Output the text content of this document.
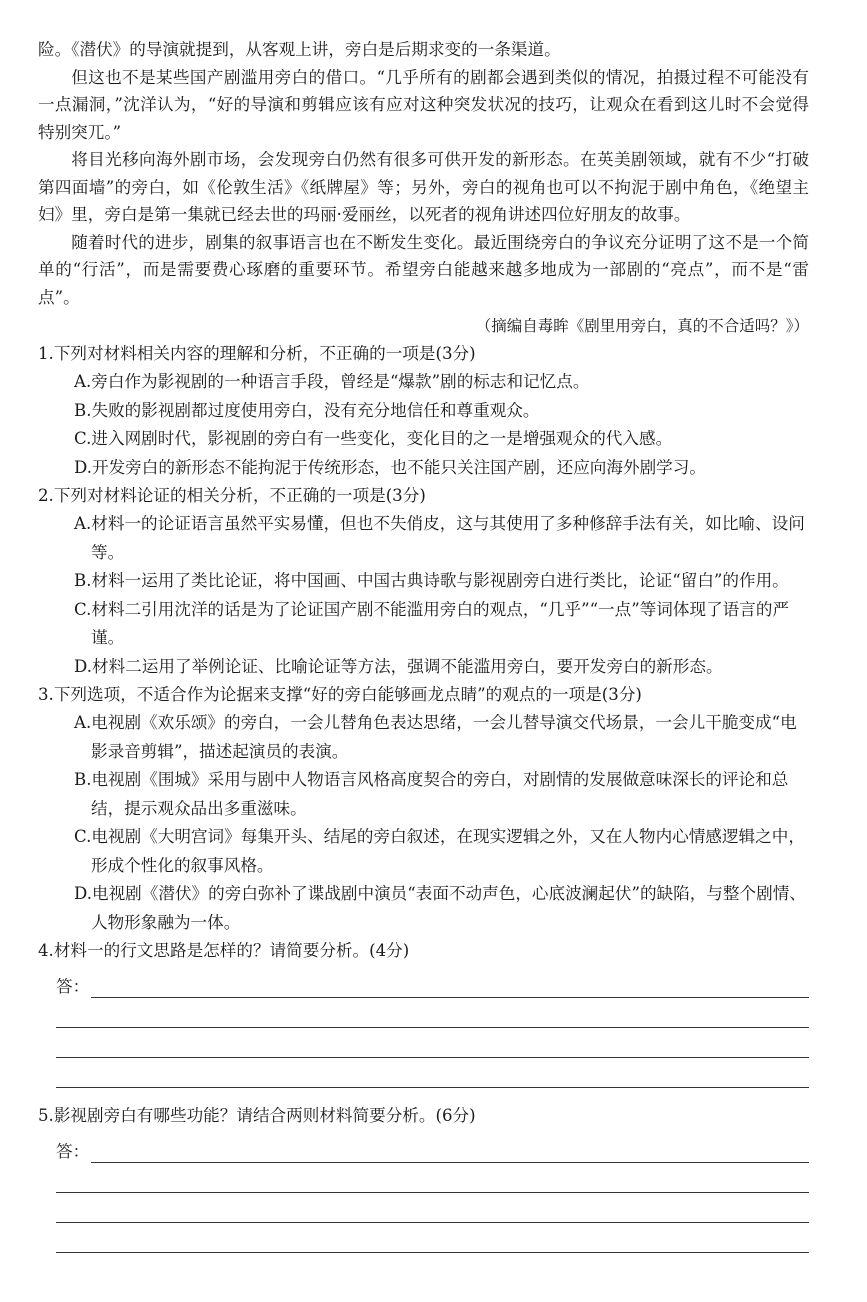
险。《潜伏》的导演就提到，从客观上讲，旁白是后期求变的一条渠道。

但这也不是某些国产剧滥用旁白的借口。“几乎所有的剧都会遇到类似的情况，拍摄过程不可能没有一点漏洞，”沈洋认为，“好的导演和剪辑应该有应对这种突发状况的技巧，让观众在看到这儿时不会觉得特别突兀。”

将目光移向海外剧市场，会发现旁白仍然有很多可供开发的新形态。在英美剧领域，就有不少“打破第四面墙”的旁白，如《伦敦生活》《纸牌屋》等；另外，旁白的视角也可以不拘泥于剧中角色，《绝望主妇》里，旁白是第一集就已经去世的玛丽·爱丽丝，以死者的视角讲述四位好朋友的故事。

随着时代的进步，剧集的叙事语言也在不断发生变化。最近围绕旁白的争议充分证明了这不是一个简单的“行活”，而是需要费心琢磨的重要环节。希望旁白能越来越多地成为一部剧的“亮点”，而不是“雷点”。

（摘编自毒眸《剧里用旁白，真的不合适吗？》）

1.下列对材料相关内容的理解和分析，不正确的一项是(3分)

A.旁白作为影视剧的一种语言手段，曾经是“爆款”剧的标志和记忆点。

B.失败的影视剧都过度使用旁白，没有充分地信任和尊重观众。

C.进入网剧时代，影视剧的旁白有一些变化，变化目的之一是增强观众的代入感。

D.开发旁白的新形态不能拘泥于传统形态，也不能只关注国产剧，还应向海外剧学习。

2.下列对材料论证的相关分析，不正确的一项是(3分)

A.材料一的论证语言虽然平实易懂，但也不失俏皮，这与其使用了多种修辞手法有关，如比喻、设问等。

B.材料一运用了类比论证，将中国画、中国古典诗歌与影视剧旁白进行类比，论证“留白”的作用。

C.材料二引用沈洋的话是为了论证国产剧不能滥用旁白的观点，“几乎”“一点”等词体现了语言的严谨。

D.材料二运用了举例论证、比喻论证等方法，强调不能滥用旁白，要开发旁白的新形态。

3.下列选项，不适合作为论据来支撑“好的旁白能够画龙点睛”的观点的一项是(3分)

A.电视剧《欢乐颂》的旁白，一会儿替角色表达思绪，一会儿替导演交代场景，一会儿干脆变成“电影录音剪辑”，描述起演员的表演。

B.电视剧《围城》采用与剧中人物语言风格高度契合的旁白，对剧情的发展做意味深长的评论和总结，提示观众品出多重滋味。

C.电视剧《大明宫词》每集开头、结尾的旁白叙述，在现实逻辑之外，又在人物内心情感逻辑之中，形成个性化的叙事风格。

D.电视剧《潜伏》的旁白弥补了谍战剧中演员“表面不动声色，心底波澜起伏”的缺陷，与整个剧情、人物形象融为一体。

4.材料一的行文思路是怎样的？请简要分析。(4分)

答：

5.影视剧旁白有哪些功能？请结合两则材料简要分析。(6分)

答：
